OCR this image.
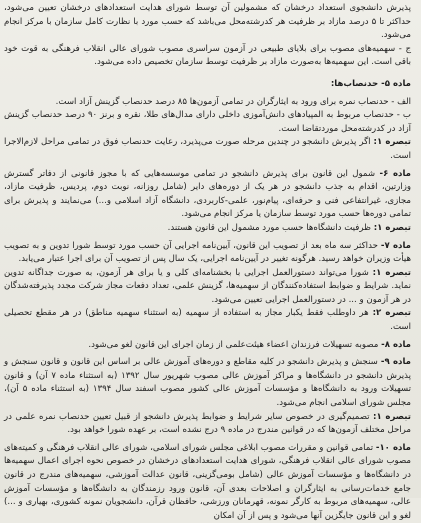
پذیرش دانشجوی استعداد درخشان که مشمولین آن توسط شورای هدایت استعدادهای درخشان تعیین می‌شود، حداکثر تا ۵ درصد مازاد بر ظرفیت هر کدرشته‌محل می‌باشد که حسب مورد با نظارت کامل سازمان با مرکز انجام می‌شود.

ج - سهمیه‌های مصوب برای بلایای طبیعی در آزمون سراسری مصوب شورای عالی انقلاب فرهنگی به قوت خود باقی است. این سهمیه‌ها به‌صورت مازاد بر ظرفیت توسط سازمان تخصیص داده می‌شود.

ماده ۵- حدنصاب‌ها:

الف - حدنصاب نمره برای ورود به ایثارگران در تمامی آزمون‌ها ۸۵ درصد حدنصاب گزینش آزاد است.

ب - حدنصاب مربوط به المپیادهای دانش‌آموزی داخلی دارای مدال‌های طلا، نقره و برنز ۹۰ درصد حدنصاب گزینش آزاد در کدرشته‌محل موردتقاضا است.

تبصره ۱: اگر پذیرش دانشجو در چندین مرحله صورت می‌پذیرد، رعایت حدنصاب فوق در تمامی مراحل لازم‌الاجرا است.

ماده ۶- شمول این قانون برای پذیرش دانشجو در تمامی موسسه‌هایی که با مجوز قانونی از دفاتر گسترش وزارتین، اقدام به جذب دانشجو در هر یک از دوره‌های دایر (شامل روزانه، نوبت دوم، پردیس، ظرفیت مازاد، مجازی، غیرانتفاعی فنی و حرفه‌ای، پیام‌نور، علمی-کاربردی، دانشگاه آزاد اسلامی و...) می‌نمایند و پذیرش برای تمامی دوره‌ها حسب مورد توسط سازمان یا مرکز انجام می‌شود.

تبصره ۱: ظرفیت دانشگاه‌ها حسب مورد مشمول این قانون هستند.

ماده ۷- حداکثر سه ماه بعد از تصویب این قانون، آیین‌نامه اجرایی آن حسب مورد توسط شورا تدوین و به تصویب هیأت وزیران خواهد رسید. هرگونه تغییر در آیین‌نامه اجرایی، یک سال پس از تصویب آن برای اجرا عتبار می‌یابد.

تبصره ۱: شورا می‌تواند دستورالعمل اجرایی با بخشنامه‌ای کلی و یا برای هر آزمون، به صورت جداگانه تدوین نماید. شرایط و ضوابط استفاده‌کنندگان از سهمیه‌ها، گزینش علمی، تعداد دفعات مجاز شرکت مجدد پذیرفته‌شدگان در هر آزمون و ... در دستورالعمل اجرایی تعیین می‌شود.

تبصره ۲: هر داوطلب فقط یکبار مجاز به استفاده از سهمیه (به استثناء سهمیه مناطق) در هر مقطع تحصیلی است.

ماده ۸- مصوبه تسهیلات فرزندان اعضاء هیئت‌علمی از زمان اجرای این قانون لغو می‌شود.

ماده ۹- سنجش و پذیرش دانشجو در کلیه مقاطع و دوره‌های آموزش عالی بر اساس این قانون و قانون سنجش و پذیرش دانشجو در دانشگاه‌ها و مراکز آموزش عالی مصوب شهریور سال ۱۳۹۲ (به استثناء ماده ۷ آن) و قانون تسهیلات ورود به دانشگاه‌ها و مؤسسات آموزش عالی کشور مصوب اسفند سال ۱۳۹۴ (به استثناء ماده ۵ آن)، مجلس شورای اسلامی انجام می‌شود.

تبصره ۱: تصمیم‌گیری در خصوص سایر شرایط و ضوابط پذیرش دانشجو از قبیل تعیین حدنصاب نمره علمی در مراحل مختلف آزمون‌ها که در قوانین مندرج در ماده ۹ درج نشده است، بر عهده شورا خواهد بود.

ماده ۱۰- تمامی قوانین و مقررات مصوب ابلاغی مجلس شورای اسلامی، شورای عالی انقلاب فرهنگی و کمیته‌های مصوب شورای عالی انقلاب فرهنگی، شورای هدایت استعدادهای درخشان در خصوص نحوه اجرای اعمال سهمیه‌ها در دانشگاه‌ها و مؤسسات آموزش عالی (شامل بومی‌گزینی، قانون عدالت آموزشی، سهمیه‌های مندرج در قانون جامع خدمات‌رسانی به ایثارگران و اصلاحات بعدی آن، قانون ورود رزمندگان به دانشگاه‌ها و مؤسسات آموزش عالی، سهمیه‌های مربوط به کارگر نمونه، قهرمانان ورزشی، حافظان قرآن، دانشجویان نمونه کشوری، بهیاری و ...) لغو و این قانون جایگزین آنها می‌شود و پس از آن امکان
